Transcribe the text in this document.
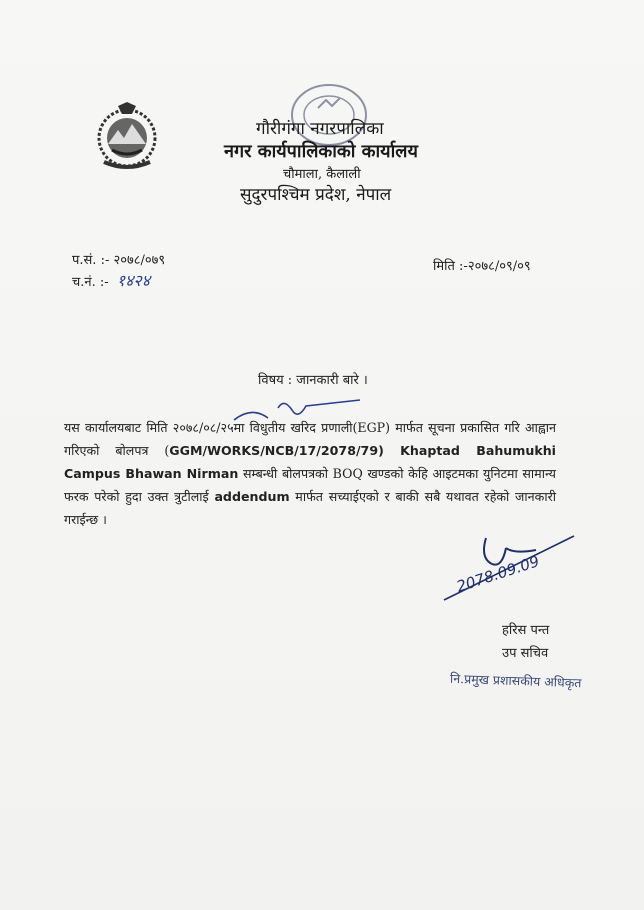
गौरीगंगा नगरपालिका
नगर कार्यपालिकाको कार्यालय
चौमाला, कैलाली
सुदुरपश्चिम प्रदेश, नेपाल
प.सं. :- २०७८/०७९
च.नं. :- १४२४
मिति :-२०७८/०९/०९
विषय : जानकारी बारे ।
यस कार्यालयबाट मिति २०७८/०८/२५मा विधुतीय खरिद प्रणाली(EGP) मार्फत सूचना प्रकासित गरि आह्वान गरिएको बोलपत्र (GGM/WORKS/NCB/17/2078/79) Khaptad Bahumukhi Campus Bhawan Nirman सम्बन्धी बोलपत्रको BOQ खण्डको केहि आइटमका युनिटमा सामान्य फरक परेको हुदा उक्त त्रुटीलाई addendum मार्फत सच्याईएको र बाकी सबै यथावत रहेको जानकारी गराईन्छ ।
2078.09.09
हरिस पन्त
उप सचिव
नि.प्रमुख प्रशासकीय अधिकृत
